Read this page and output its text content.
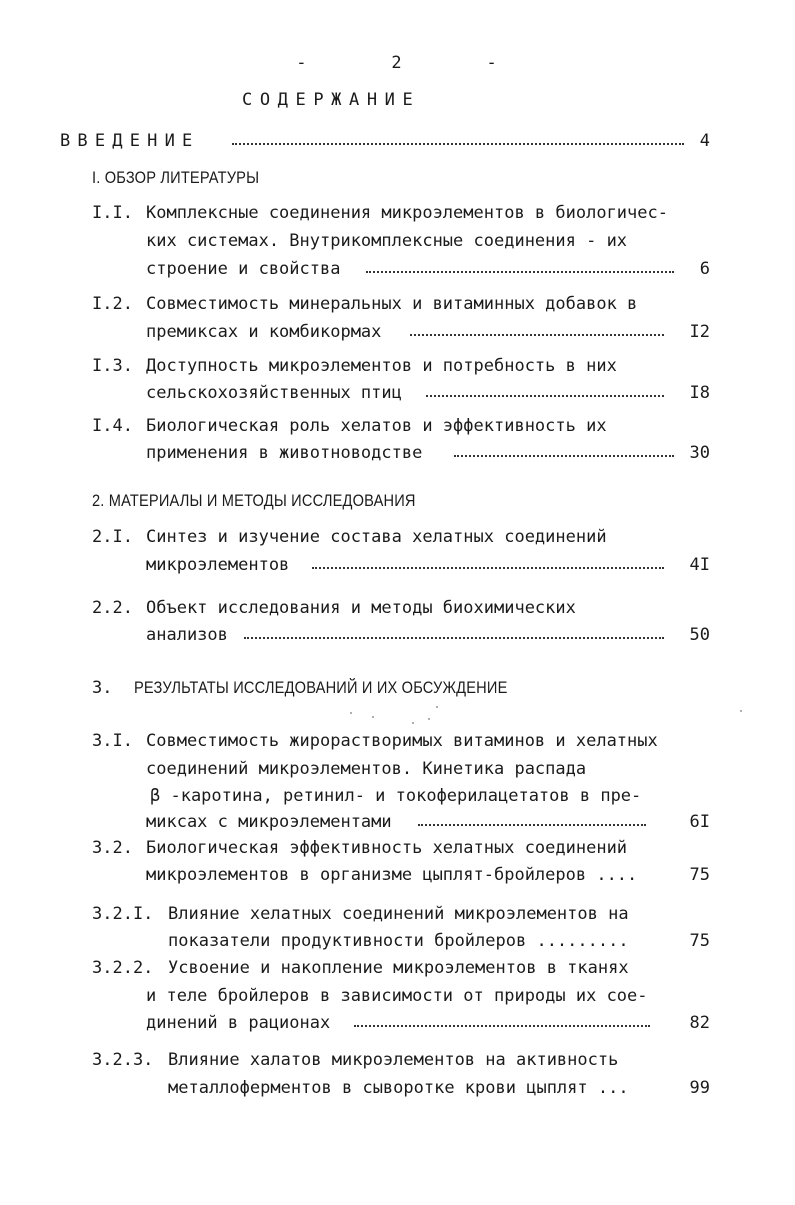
-	2	-
СОДЕРЖАНИЕ
ВВЕДЕНИЕ	4
I. ОБЗОР ЛИТЕРАТУРЫ
I.I. Комплексные соединения микроэлементов в биологичес-
ких системах. Внутрикомплексные соединения - их
строение и свойства	6
I.2. Совместимость минеральных и витаминных добавок в
премиксах и комбикормах	I2
I.3. Доступность микроэлементов и потребность в них
сельскохозяйственных птиц	I8
I.4. Биологическая роль хелатов и эффективность их
применения в животноводстве	30
2. МАТЕРИАЛЫ И МЕТОДЫ ИССЛЕДОВАНИЯ
2.I. Синтез и изучение состава хелатных соединений
микроэлементов	4I
2.2. Объект исследования и методы биохимических
анализов	50
3. РЕЗУЛЬТАТЫ ИССЛЕДОВАНИЙ И ИХ ОБСУЖДЕНИЕ
3.I. Совместимость жирорастворимых витаминов и хелатных
соединений микроэлементов. Кинетика распада
β -каротина, ретинил- и токоферилацетатов в пре-
миксах с микроэлементами	6I
3.2. Биологическая эффективность хелатных соединений
микроэлементов в организме цыплят-бройлеров ....	75
3.2.I. Влияние хелатных соединений микроэлементов на
показатели продуктивности бройлеров .........	75
3.2.2. Усвоение и накопление микроэлементов в тканях
и теле бройлеров в зависимости от природы их сое-
динений в рационах	82
3.2.3. Влияние халатов микроэлементов на активность
металлоферментов в сыворотке крови цыплят ...	99
